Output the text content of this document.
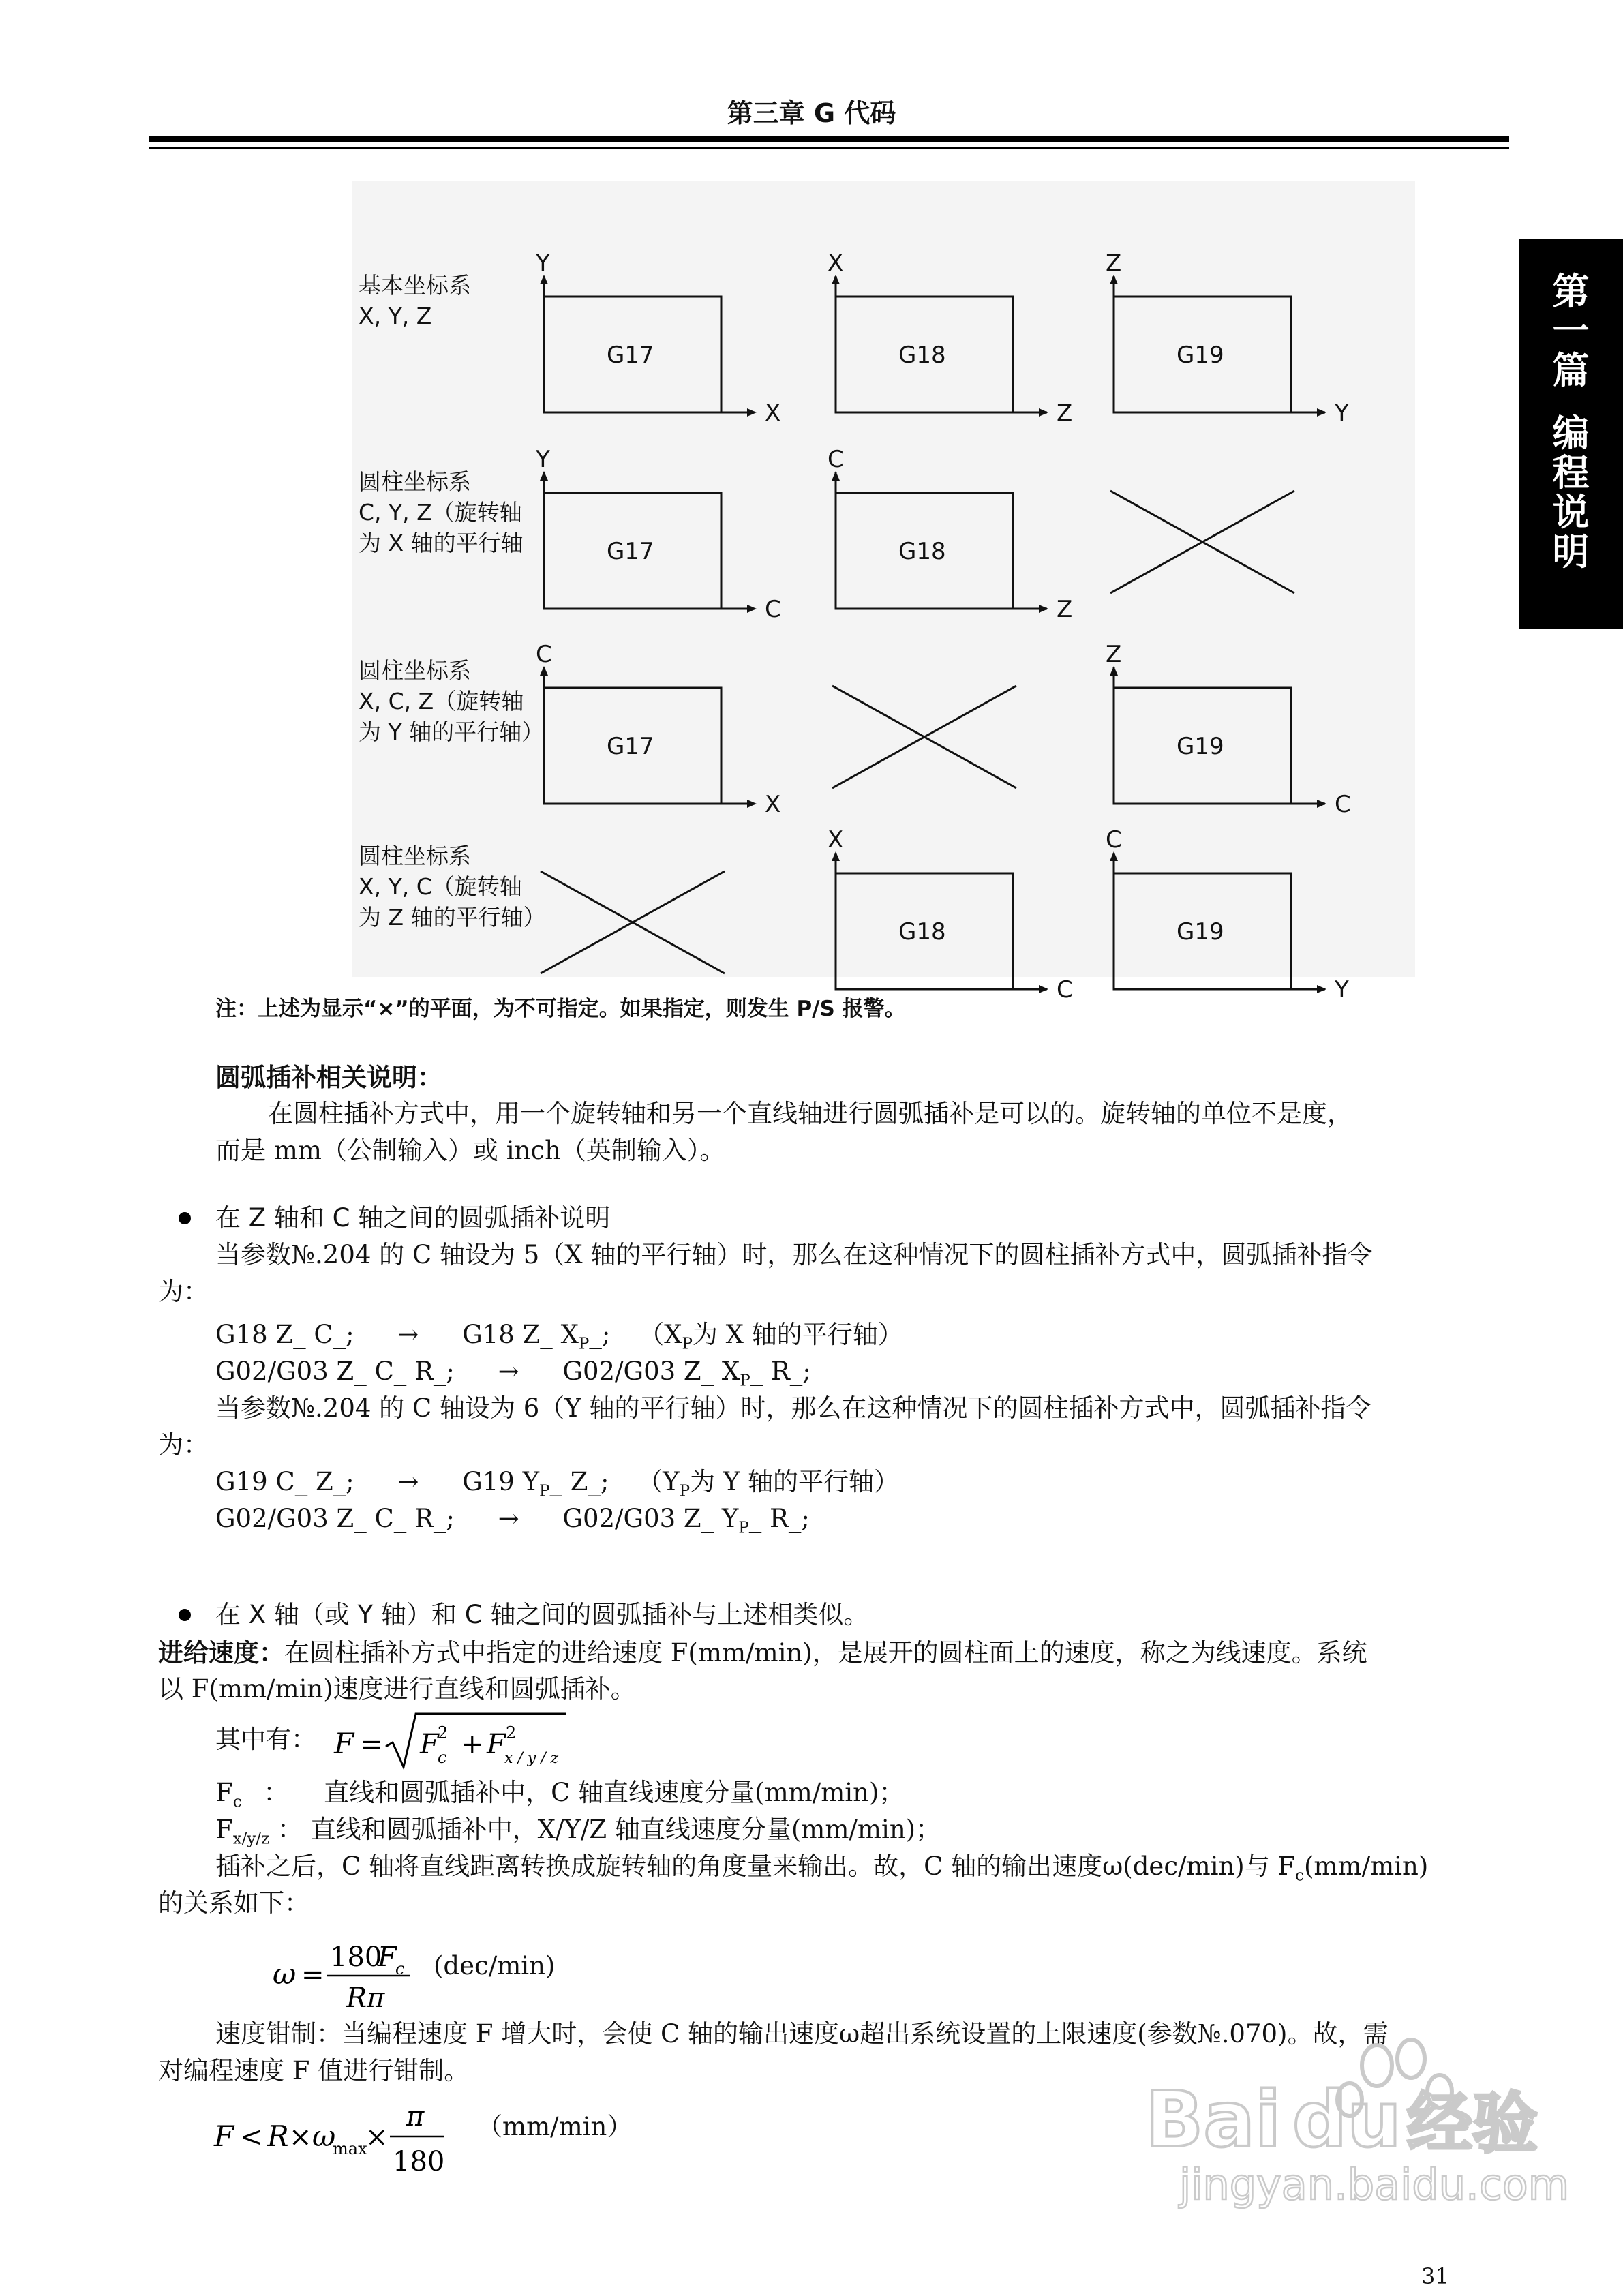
第三章 G 代码
第
一
篇
编
程
说
明
基本坐标系
X, Y, Z
圆柱坐标系
C, Y, Z（旋转轴
为 X 轴的平行轴
圆柱坐标系
X, C, Z（旋转轴
为 Y 轴的平行轴）
圆柱坐标系
X, Y, C（旋转轴
为 Z 轴的平行轴）
Y
X
G17
X
Z
G18
Z
Y
G19
Y
C
G17
C
Z
G18
C
X
G17
Z
C
G19
X
C
G18
C
Y
G19
注：上述为显示“×”的平面，为不可指定。如果指定，则发生 P/S 报警。
圆弧插补相关说明：
在圆柱插补方式中，用一个旋转轴和另一个直线轴进行圆弧插补是可以的。旋转轴的单位不是度，
而是 mm（公制输入）或 inch（英制输入）。
在 Z 轴和 C 轴之间的圆弧插补说明
当参数№.204 的 C 轴设为 5（X 轴的平行轴）时，那么在这种情况下的圆柱插补方式中，圆弧插补指令
为：
G18 Z_ C_; → G18 Z_ $X_P\_$; （$X_P$为 X 轴的平行轴）
G02/G03 Z_ C_ R_; → G02/G03 Z_ $X_P\_$ R_;
当参数№.204 的 C 轴设为 6（Y 轴的平行轴）时，那么在这种情况下的圆柱插补方式中，圆弧插补指令
为：
G19 C_ Z_; → G19 $Y_P\_$ Z_; （$Y_P$为 Y 轴的平行轴）
G02/G03 Z_ C_ R_; → G02/G03 Z_ $Y_P\_$ R_;
在 X 轴（或 Y 轴）和 C 轴之间的圆弧插补与上述相类似。
进给速度：在圆柱插补方式中指定的进给速度 F(mm/min)，是展开的圆柱面上的速度，称之为线速度。系统
以 F(mm/min)速度进行直线和圆弧插补。
其中有： F = F
2
c + F 2
x / y / z
$F_c$ ： 直线和圆弧插补中，C 轴直线速度分量(mm/min)；
$F_{x/y/z}$ ： 直线和圆弧插补中，X/Y/Z 轴直线速度分量(mm/min)；
插补之后，C 轴将直线距离转换成旋转轴的角度量来输出。故，C 轴的输出速度ω(dec/min)与 $F_c(mm/\min)$
的关系如下：
ω =
180
F
c
Rπ
(dec/min)
速度钳制：当编程速度 F 增大时，会使 C 轴的输出速度ω超出系统设置的上限速度(参数№.070)。故，需
对编程速度 F 值进行钳制。
F < R × ω
max
×
π
180
（mm/min）	Bai du 经验
jingyan.baidu.com
31
